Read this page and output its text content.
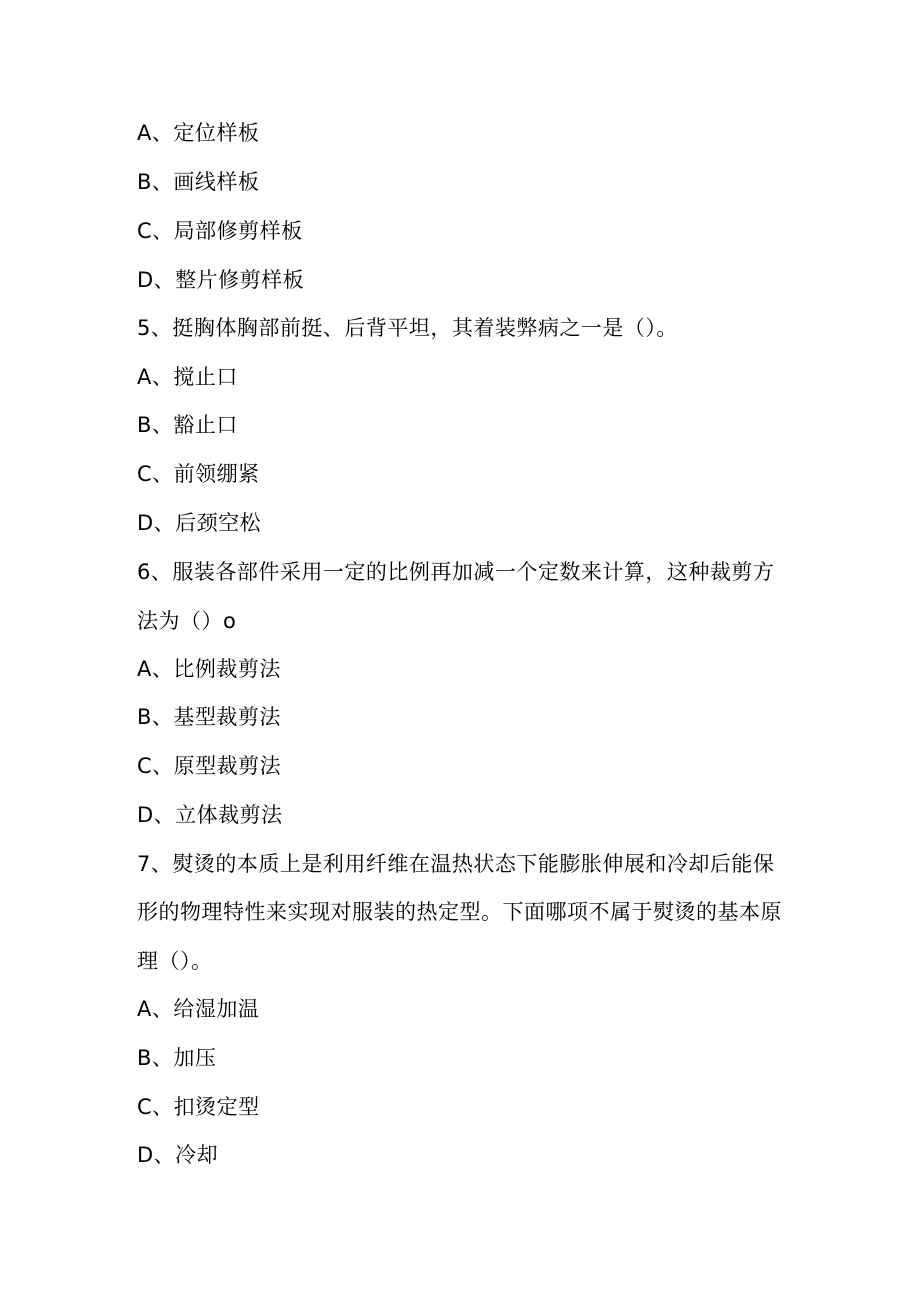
A、定位样板
B、画线样板
C、局部修剪样板
D、整片修剪样板
5、挺胸体胸部前挺、后背平坦，其着装弊病之一是（）。
A、搅止口
B、豁止口
C、前领绷紧
D、后颈空松
6、服装各部件采用一定的比例再加减一个定数来计算，这种裁剪方
法为（）o
A、比例裁剪法
B、基型裁剪法
C、原型裁剪法
D、立体裁剪法
7、熨烫的本质上是利用纤维在温热状态下能膨胀伸展和冷却后能保
形的物理特性来实现对服装的热定型。下面哪项不属于熨烫的基本原
理（）。
A、给湿加温
B、加压
C、扣烫定型
D、冷却
